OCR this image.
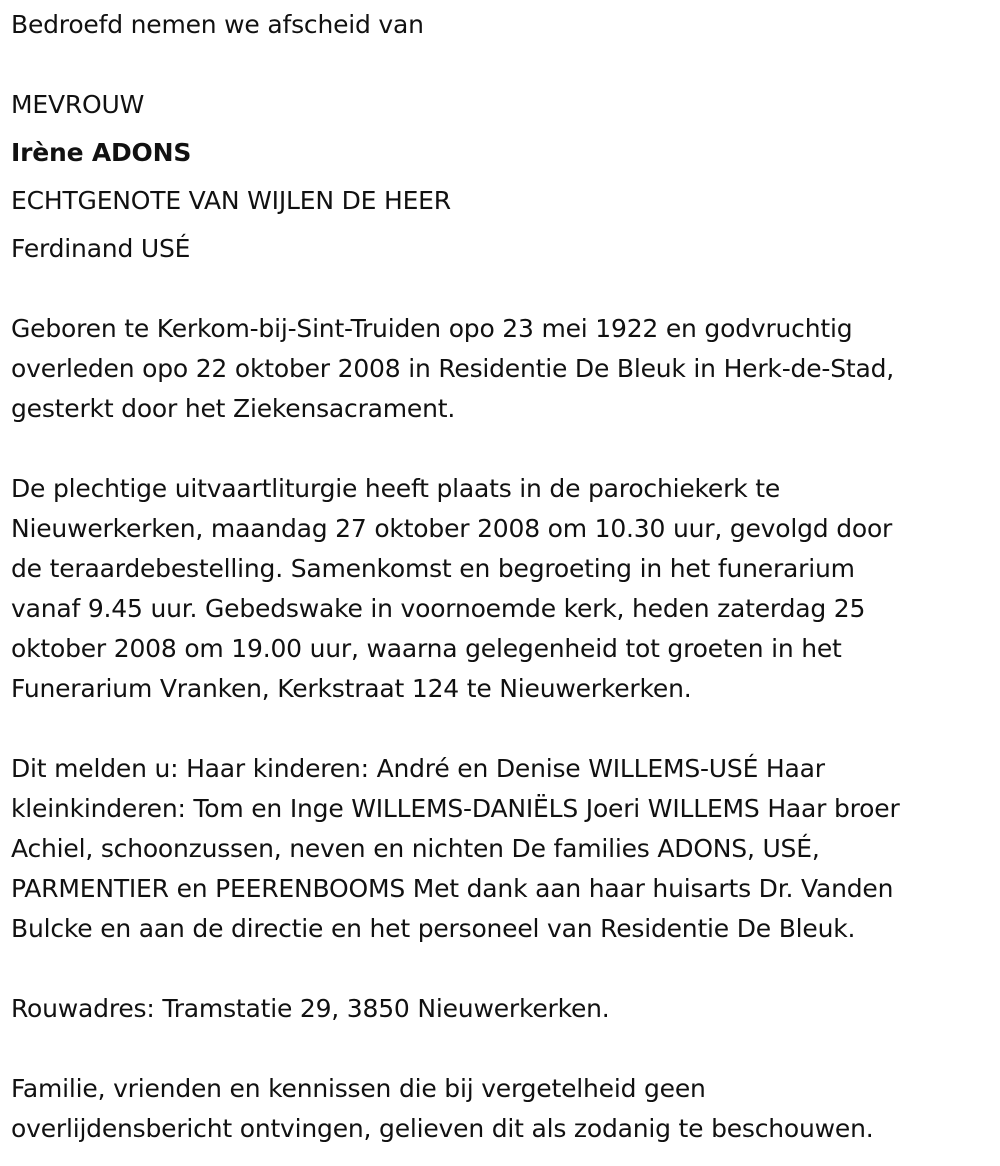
Bedroefd nemen we afscheid van
MEVROUW
Irène ADONS
ECHTGENOTE VAN WIJLEN DE HEER
Ferdinand USÉ
Geboren te Kerkom-bij-Sint-Truiden opo 23 mei 1922 en godvruchtig
overleden opo 22 oktober 2008 in Residentie De Bleuk in Herk-de-Stad,
gesterkt door het Ziekensacrament.
De plechtige uitvaartliturgie heeft plaats in de parochiekerk te
Nieuwerkerken, maandag 27 oktober 2008 om 10.30 uur, gevolgd door
de teraardebestelling. Samenkomst en begroeting in het funerarium
vanaf 9.45 uur. Gebedswake in voornoemde kerk, heden zaterdag 25
oktober 2008 om 19.00 uur, waarna gelegenheid tot groeten in het
Funerarium Vranken, Kerkstraat 124 te Nieuwerkerken.
Dit melden u: Haar kinderen: André en Denise WILLEMS-USÉ Haar
kleinkinderen: Tom en Inge WILLEMS-DANIËLS Joeri WILLEMS Haar broer
Achiel, schoonzussen, neven en nichten De families ADONS, USÉ,
PARMENTIER en PEERENBOOMS Met dank aan haar huisarts Dr. Vanden
Bulcke en aan de directie en het personeel van Residentie De Bleuk.
Rouwadres: Tramstatie 29, 3850 Nieuwerkerken.
Familie, vrienden en kennissen die bij vergetelheid geen
overlijdensbericht ontvingen, gelieven dit als zodanig te beschouwen.
